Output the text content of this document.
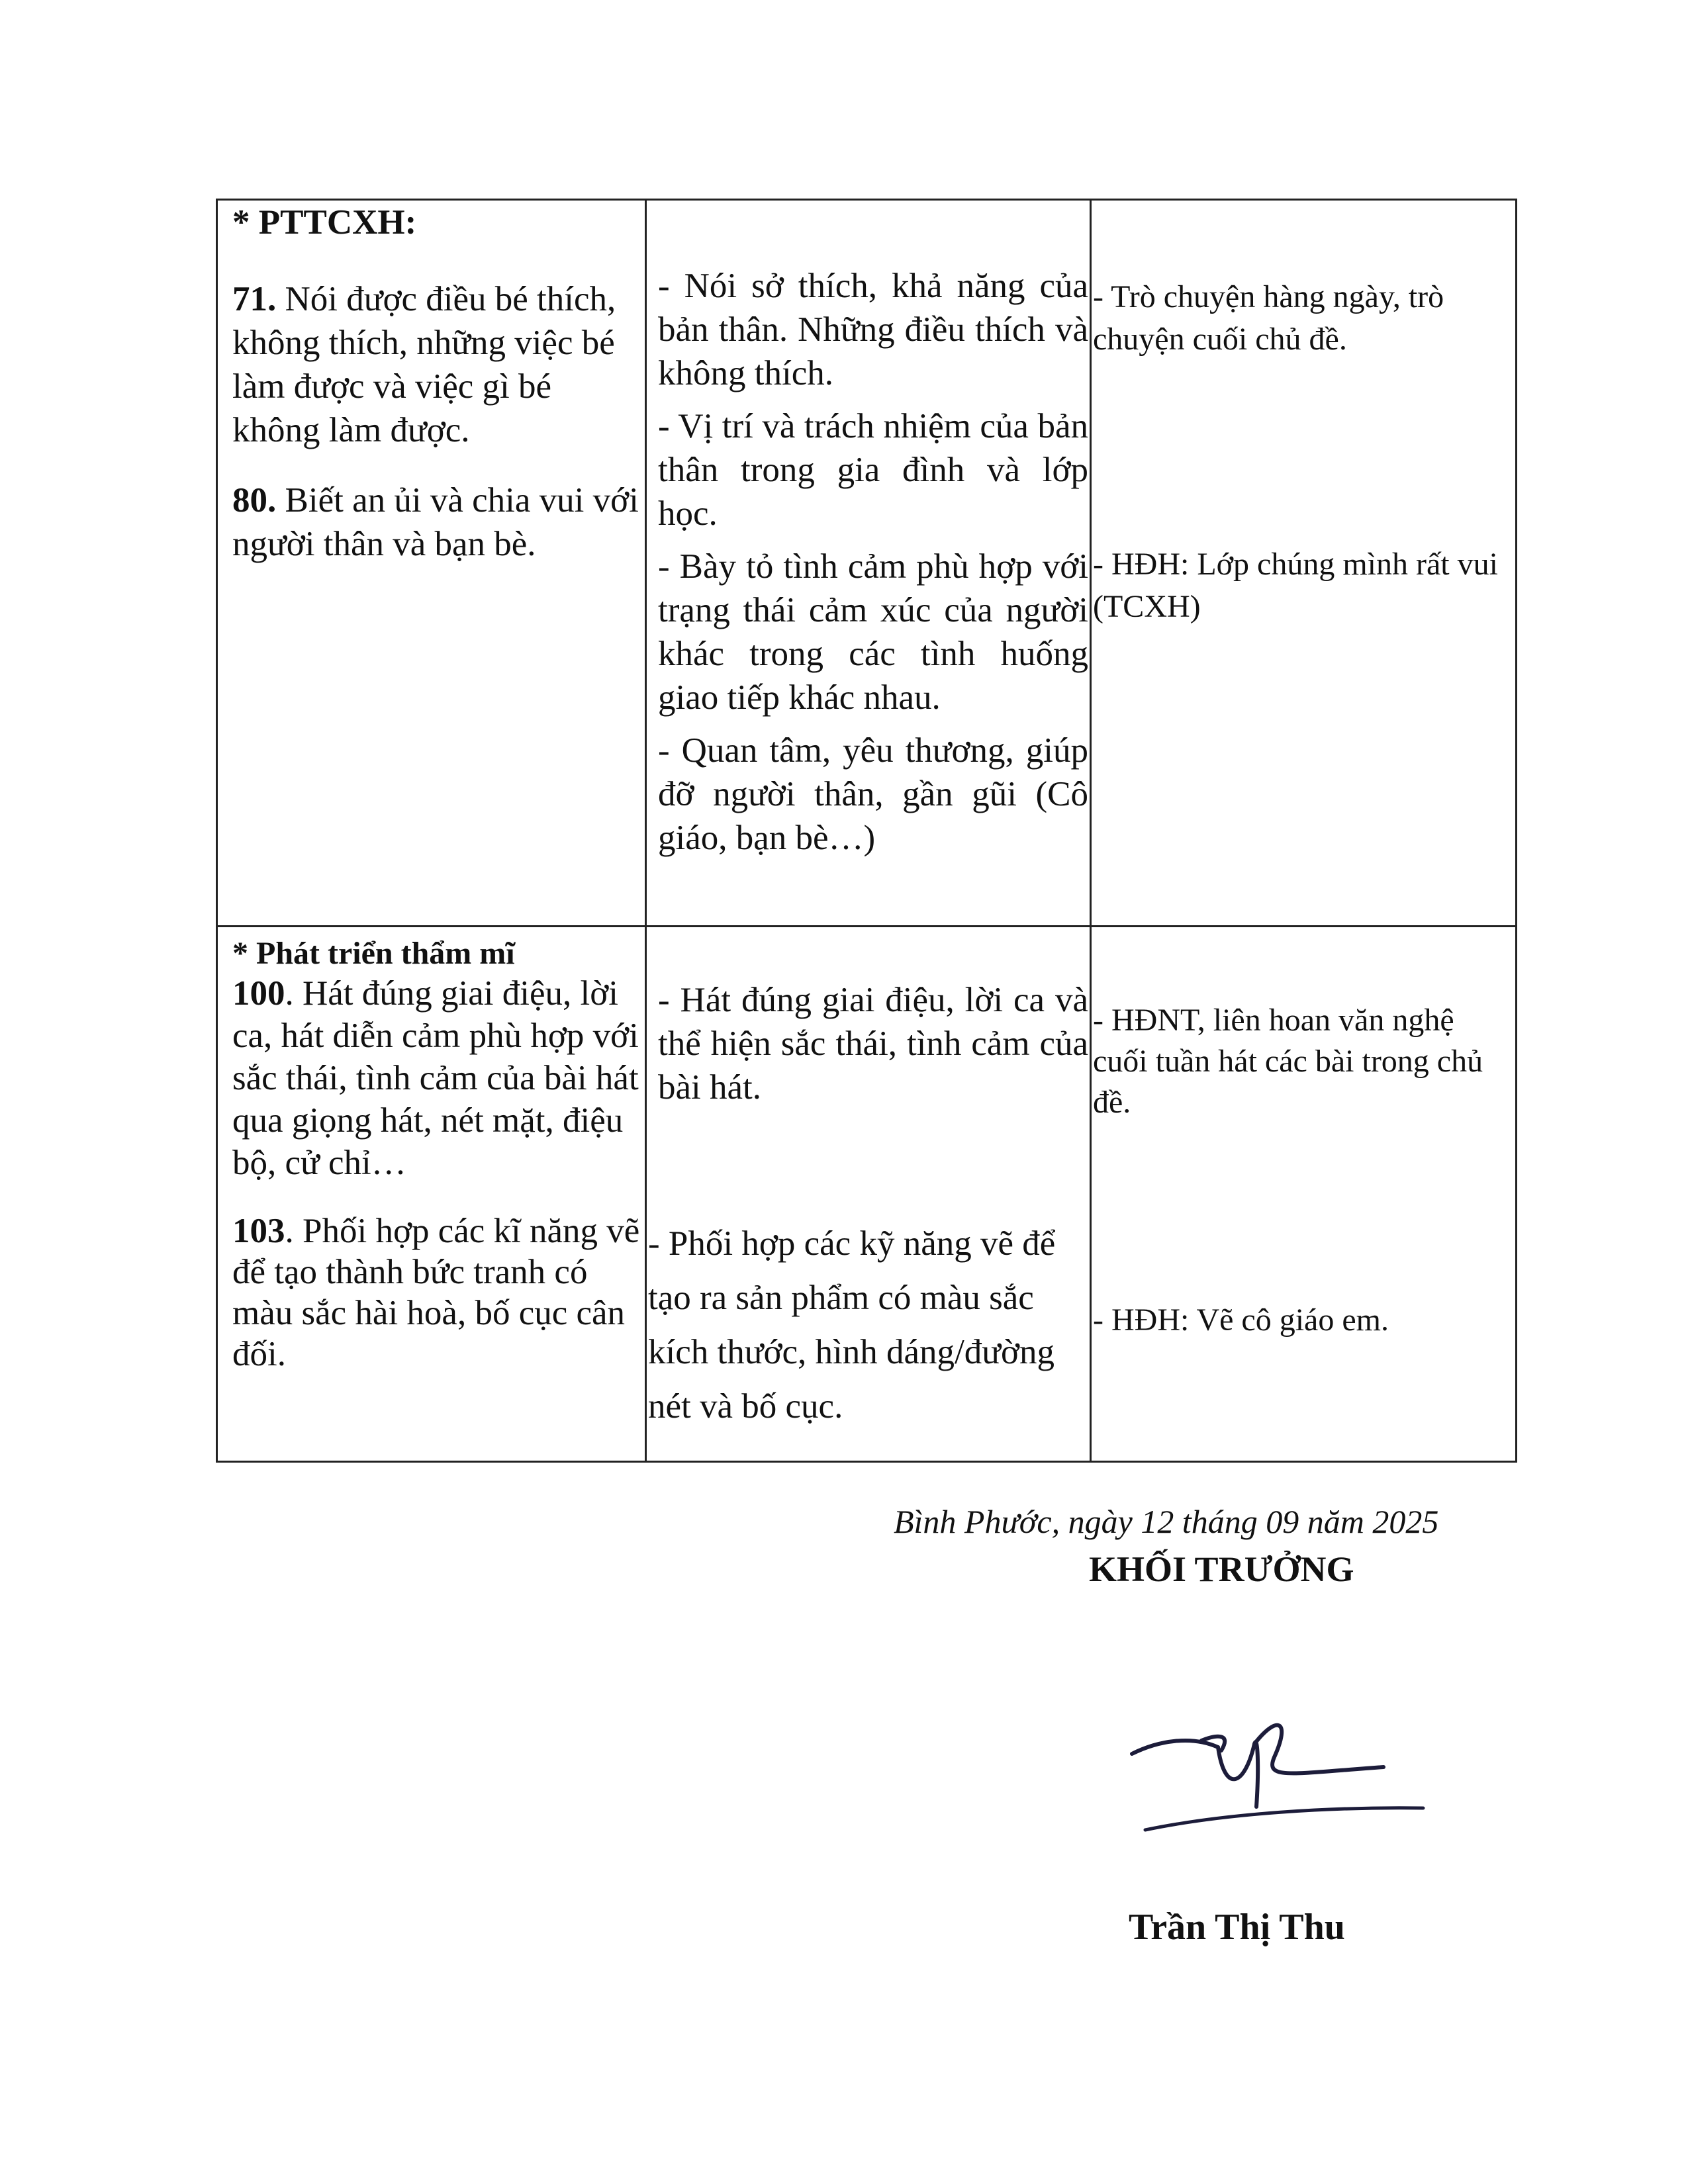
* PTTCXH:

71. Nói được điều bé thích, không thích, những việc bé làm được và việc gì bé không làm được.

80. Biết an ủi và chia vui với người thân và bạn bè.

- Nói sở thích, khả năng của bản thân. Những điều thích và không thích.

- Vị trí và trách nhiệm của bản thân trong gia đình và lớp học.

- Bày tỏ tình cảm phù hợp với trạng thái cảm xúc của người khác trong các tình huống giao tiếp khác nhau.

- Quan tâm, yêu thương, giúp đỡ người thân, gần gũi (Cô giáo, bạn bè…)

- Trò chuyện hàng ngày, trò chuyện cuối chủ đề.

- HĐH: Lớp chúng mình rất vui (TCXH)

* Phát triển thẩm mĩ

100. Hát đúng giai điệu, lời ca, hát diễn cảm phù hợp với sắc thái, tình cảm của bài hát qua giọng hát, nét mặt, điệu bộ, cử chỉ…

103. Phối hợp các kĩ năng vẽ để tạo thành bức tranh có màu sắc hài hoà, bố cục cân đối.

- Hát đúng giai điệu, lời ca và thể hiện sắc thái, tình cảm của bài hát.

- Phối hợp các kỹ năng vẽ để tạo ra sản phẩm có màu sắc kích thước, hình dáng/đường nét và bố cục.

- HĐNT, liên hoan văn nghệ cuối tuần hát các bài trong chủ đề.

- HĐH: Vẽ cô giáo em.

Bình Phước, ngày 12 tháng 09 năm 2025
KHỐI TRƯỞNG
Trần Thị Thu
